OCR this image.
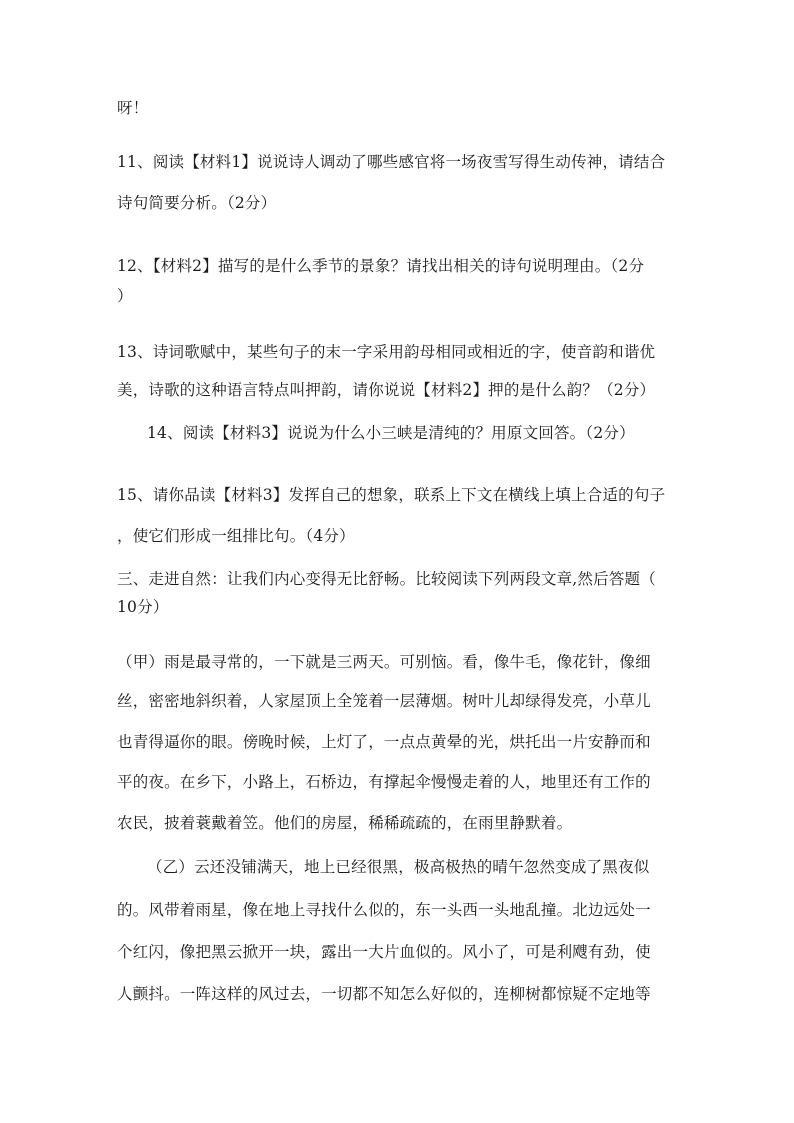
呀！
11、阅读【材料1】说说诗人调动了哪些感官将一场夜雪写得生动传神，请结合
诗句简要分析。（2分）
12、【材料2】描写的是什么季节的景象？请找出相关的诗句说明理由。（2分
）
13、诗词歌赋中，某些句子的末一字采用韵母相同或相近的字，使音韵和谐优
美，诗歌的这种语言特点叫押韵，请你说说【材料2】押的是什么韵？（2分）
14、阅读【材料3】说说为什么小三峡是清纯的？用原文回答。（2分）
15、请你品读【材料3】发挥自己的想象，联系上下文在横线上填上合适的句子
，使它们形成一组排比句。（4分）
三、走进自然：让我们内心变得无比舒畅。比较阅读下列两段文章,然后答题（
10分）
（甲）雨是最寻常的，一下就是三两天。可别恼。看，像牛毛，像花针，像细
丝，密密地斜织着，人家屋顶上全笼着一层薄烟。树叶儿却绿得发亮，小草儿
也青得逼你的眼。傍晚时候，上灯了，一点点黄晕的光，烘托出一片安静而和
平的夜。在乡下，小路上，石桥边，有撑起伞慢慢走着的人，地里还有工作的
农民，披着蓑戴着笠。他们的房屋，稀稀疏疏的，在雨里静默着。
（乙）云还没铺满天，地上已经很黑，极高极热的晴午忽然变成了黑夜似
的。风带着雨星，像在地上寻找什么似的，东一头西一头地乱撞。北边远处一
个红闪，像把黑云掀开一块，露出一大片血似的。风小了，可是利飕有劲，使
人颤抖。一阵这样的风过去，一切都不知怎么好似的，连柳树都惊疑不定地等
